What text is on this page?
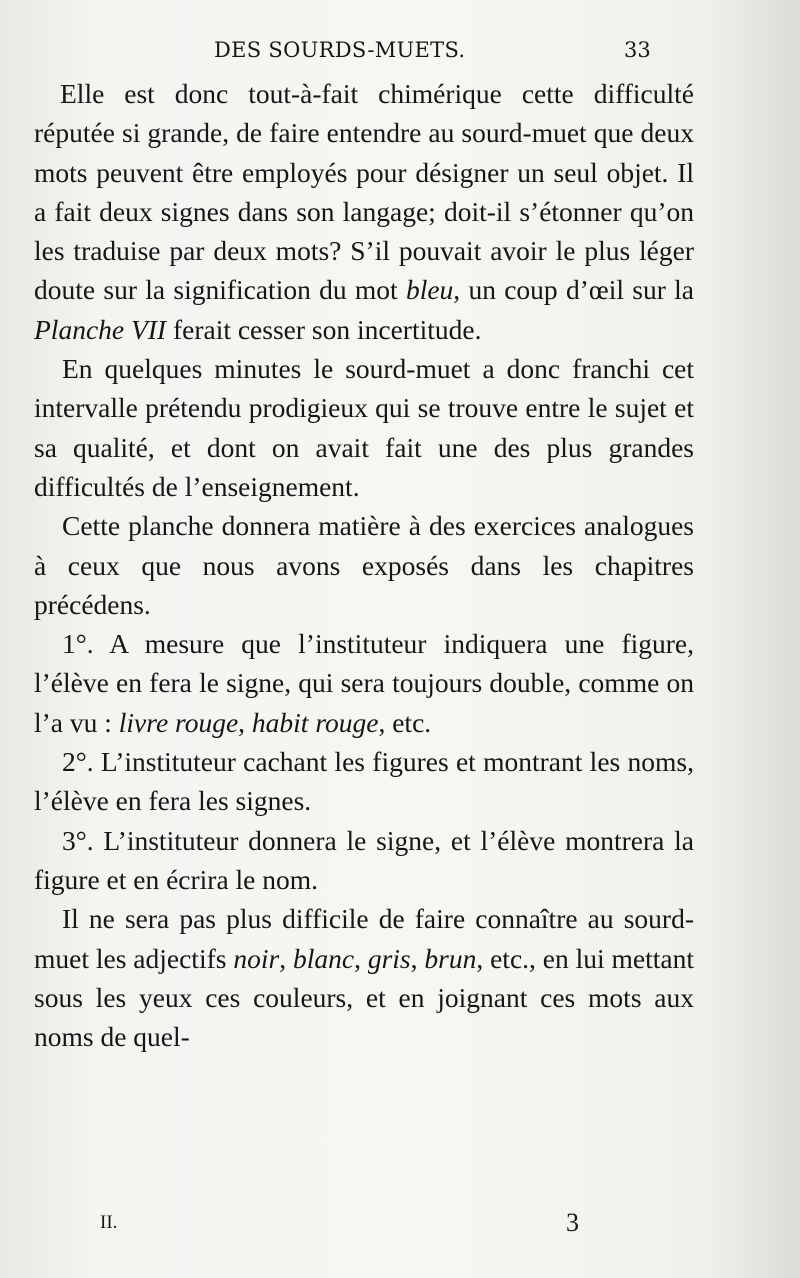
DES SOURDS-MUETS.	33

Elle est donc tout-à-fait chimérique cette difficulté réputée si grande, de faire entendre au sourd-muet que deux mots peuvent être employés pour désigner un seul objet. Il a fait deux signes dans son langage; doit-il s’étonner qu’on les traduise par deux mots? S’il pouvait avoir le plus léger doute sur la signification du mot bleu, un coup d’œil sur la Planche VII ferait cesser son incertitude.

En quelques minutes le sourd-muet a donc franchi cet intervalle prétendu prodigieux qui se trouve entre le sujet et sa qualité, et dont on avait fait une des plus grandes difficultés de l’enseignement.

Cette planche donnera matière à des exercices analogues à ceux que nous avons exposés dans les chapitres précédens.

1°. A mesure que l’instituteur indiquera une figure, l’élève en fera le signe, qui sera toujours double, comme on l’a vu : livre rouge, habit rouge, etc.

2°. L’instituteur cachant les figures et montrant les noms, l’élève en fera les signes.

3°. L’instituteur donnera le signe, et l’élève montrera la figure et en écrira le nom.

Il ne sera pas plus difficile de faire connaître au sourd-muet les adjectifs noir, blanc, gris, brun, etc., en lui mettant sous les yeux ces couleurs, et en joignant ces mots aux noms de quel-

II.	3
